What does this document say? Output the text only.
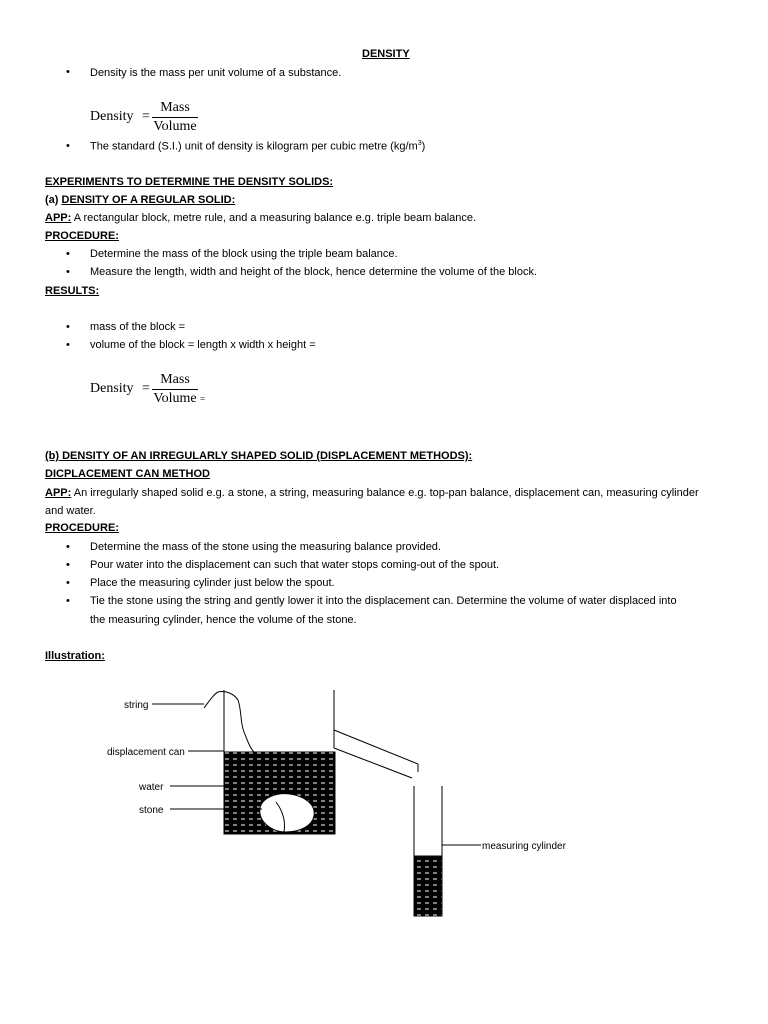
DENSITY
• Density is the mass per unit volume of a substance.
Density =
Mass
Volume
• The standard (S.I.) unit of density is kilogram per cubic metre $(kg/m^3)$
EXPERIMENTS TO DETERMINE THE DENSITY SOLIDS:
(a) DENSITY OF A REGULAR SOLID:
APP: A rectangular block, metre rule, and a measuring balance e.g. triple beam balance.
PROCEDURE:
• Determine the mass of the block using the triple beam balance.
• Measure the length, width and height of the block, hence determine the volume of the block.
RESULTS:
• mass of the block =
• volume of the block = length x width x height =
Density =
Mass
Volume =
(b) DENSITY OF AN IRREGULARLY SHAPED SOLID (DISPLACEMENT METHODS):
DICPLACEMENT CAN METHOD
APP: An irregularly shaped solid e.g. a stone, a string, measuring balance e.g. top-pan balance, displacement can, measuring cylinder
and water.
PROCEDURE:
• Determine the mass of the stone using the measuring balance provided.
• Pour water into the displacement can such that water stops coming-out of the spout.
• Place the measuring cylinder just below the spout.
• Tie the stone using the string and gently lower it into the displacement can. Determine the volume of water displaced into
the measuring cylinder, hence the volume of the stone.
Illustration:
string
displacement can
water
stone
measuring cylinder
